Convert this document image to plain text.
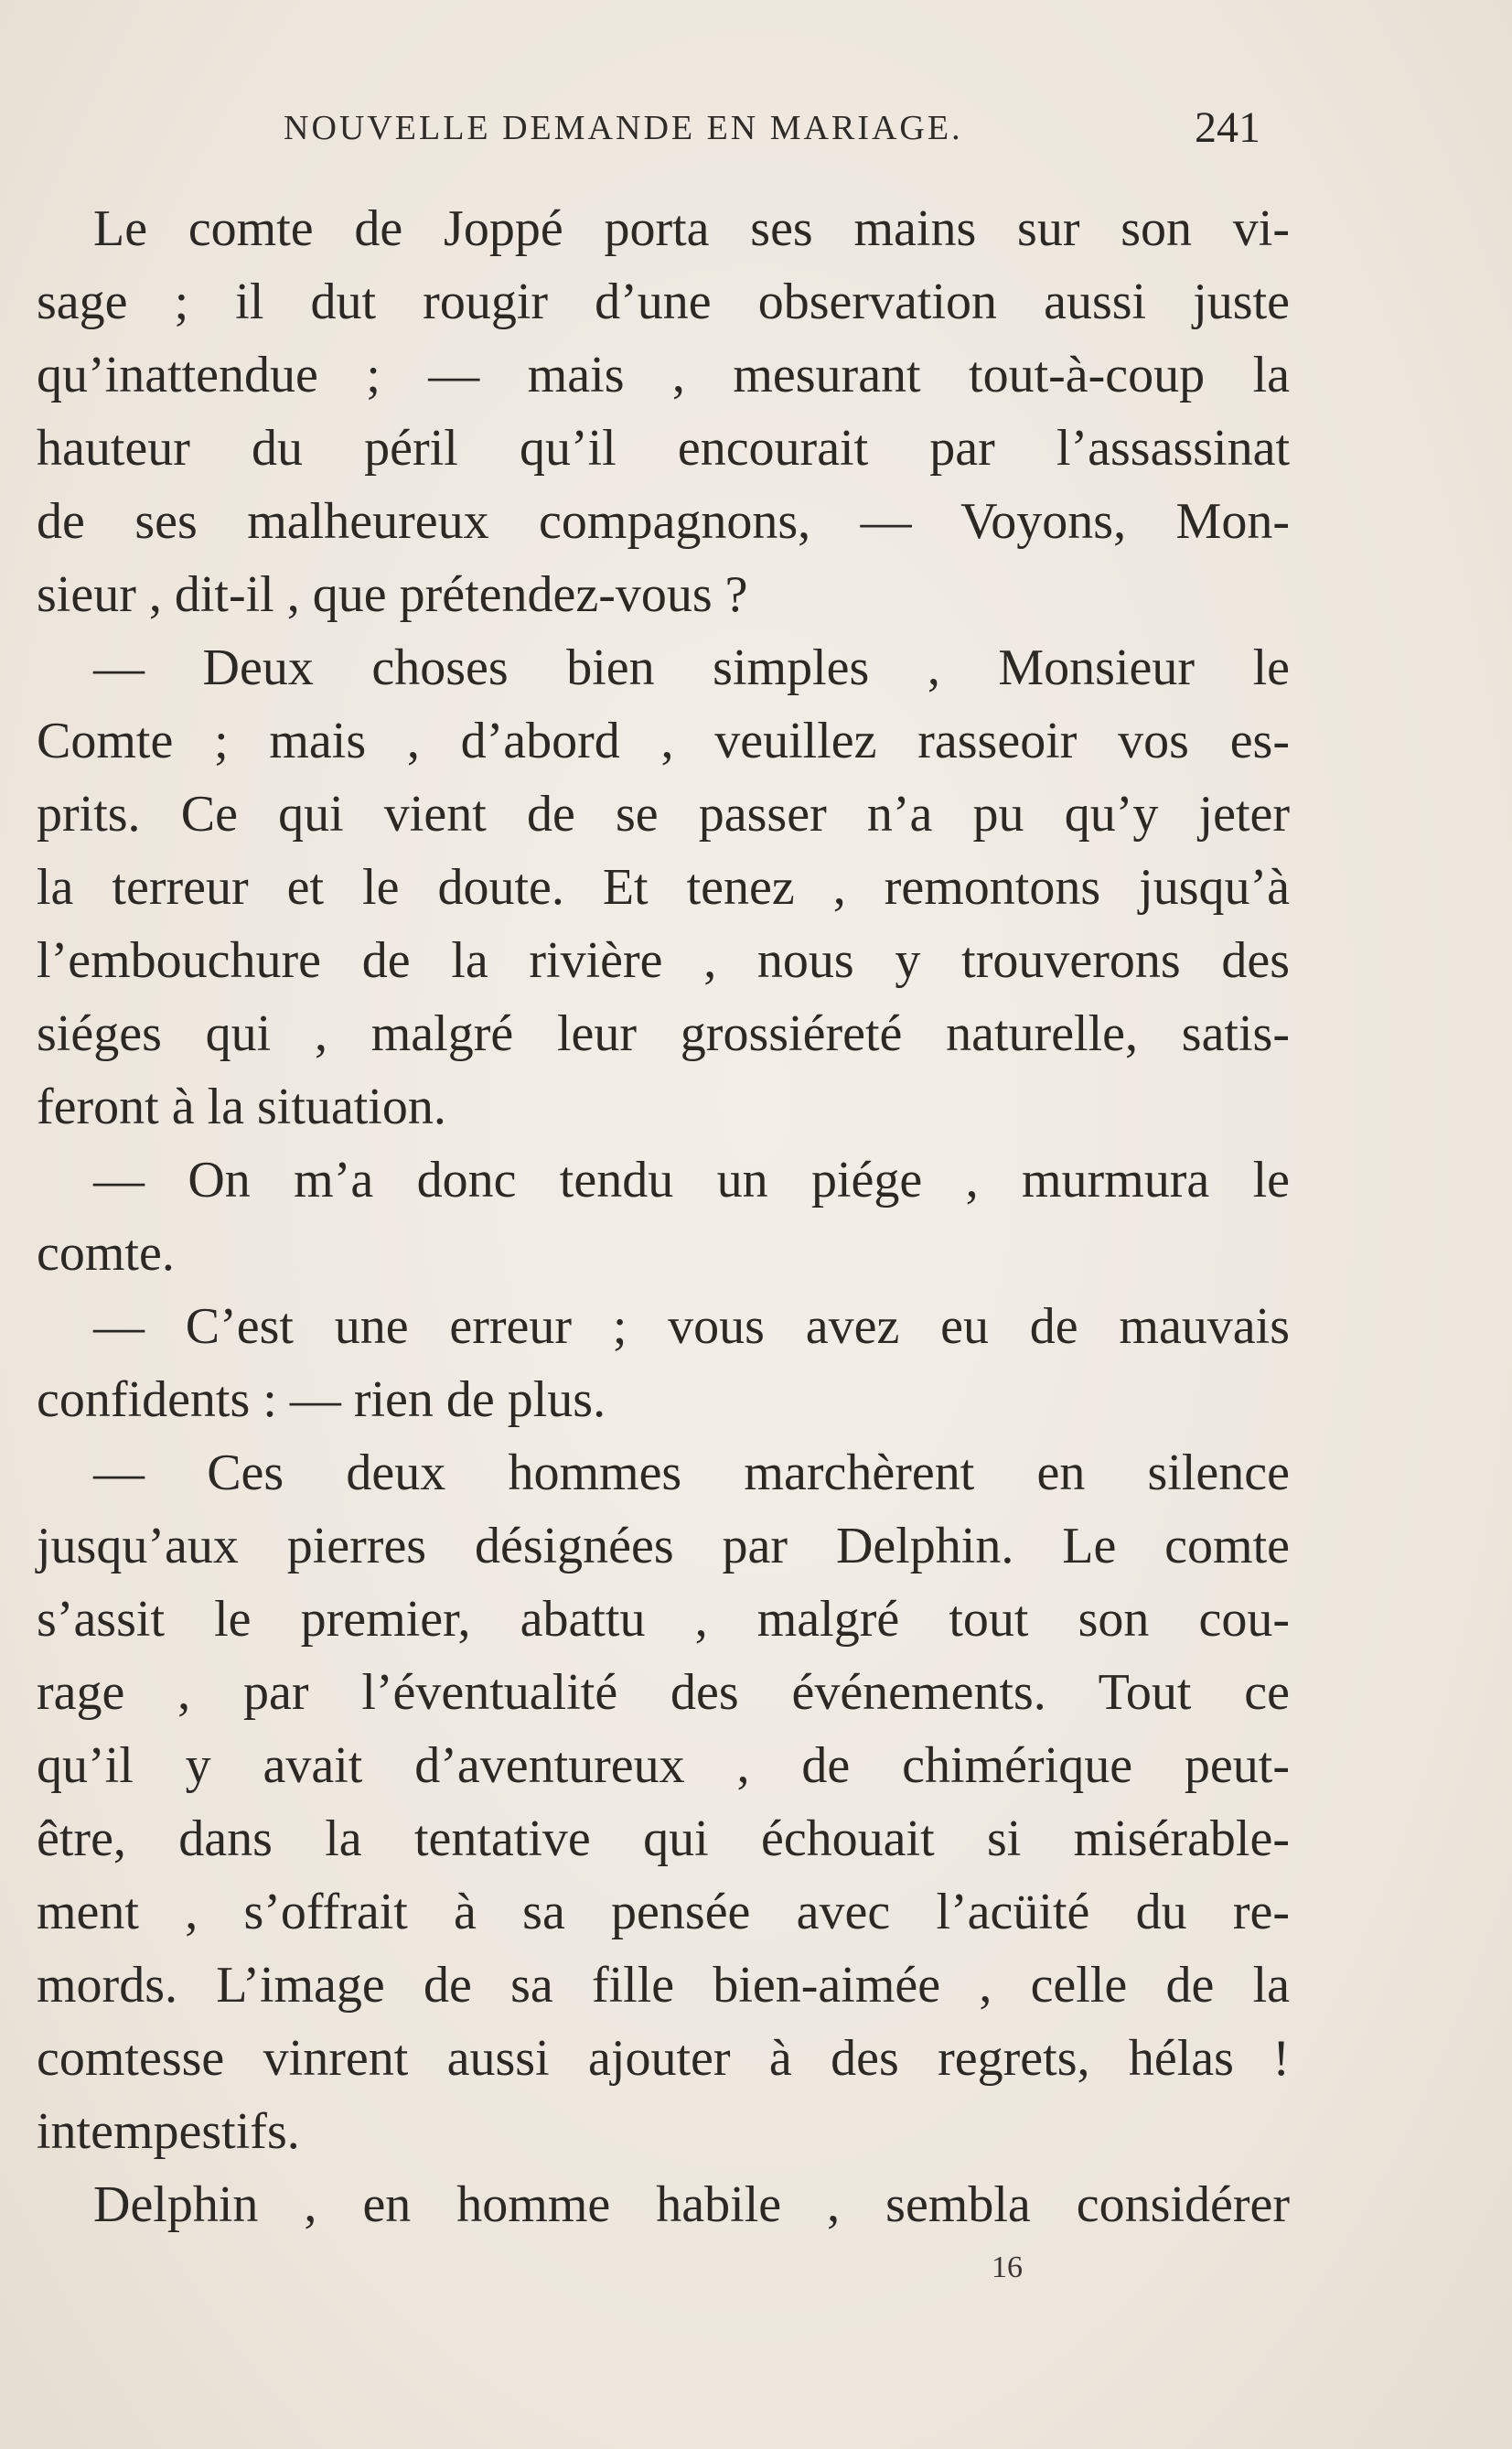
NOUVELLE DEMANDE EN MARIAGE.	241
Le comte de Joppé porta ses mains sur son vi-
sage ; il dut rougir d’une observation aussi juste
qu’inattendue ; — mais , mesurant tout-à-coup la
hauteur du péril qu’il encourait par l’assassinat
de ses malheureux compagnons, — Voyons, Mon-
sieur , dit-il , que prétendez-vous ?
— Deux choses bien simples , Monsieur le
Comte ; mais , d’abord , veuillez rasseoir vos es-
prits. Ce qui vient de se passer n’a pu qu’y jeter
la terreur et le doute. Et tenez , remontons jusqu’à
l’embouchure de la rivière , nous y trouverons des
siéges qui , malgré leur grossiéreté naturelle, satis-
feront à la situation.
— On m’a donc tendu un piége , murmura le
comte.
— C’est une erreur ; vous avez eu de mauvais
confidents : — rien de plus.
— Ces deux hommes marchèrent en silence
jusqu’aux pierres désignées par Delphin. Le comte
s’assit le premier, abattu , malgré tout son cou-
rage , par l’éventualité des événements. Tout ce
qu’il y avait d’aventureux , de chimérique peut-
être, dans la tentative qui échouait si misérable-
ment , s’offrait à sa pensée avec l’acüité du re-
mords. L’image de sa fille bien-aimée , celle de la
comtesse vinrent aussi ajouter à des regrets, hélas !
intempestifs.
Delphin , en homme habile , sembla considérer
16
